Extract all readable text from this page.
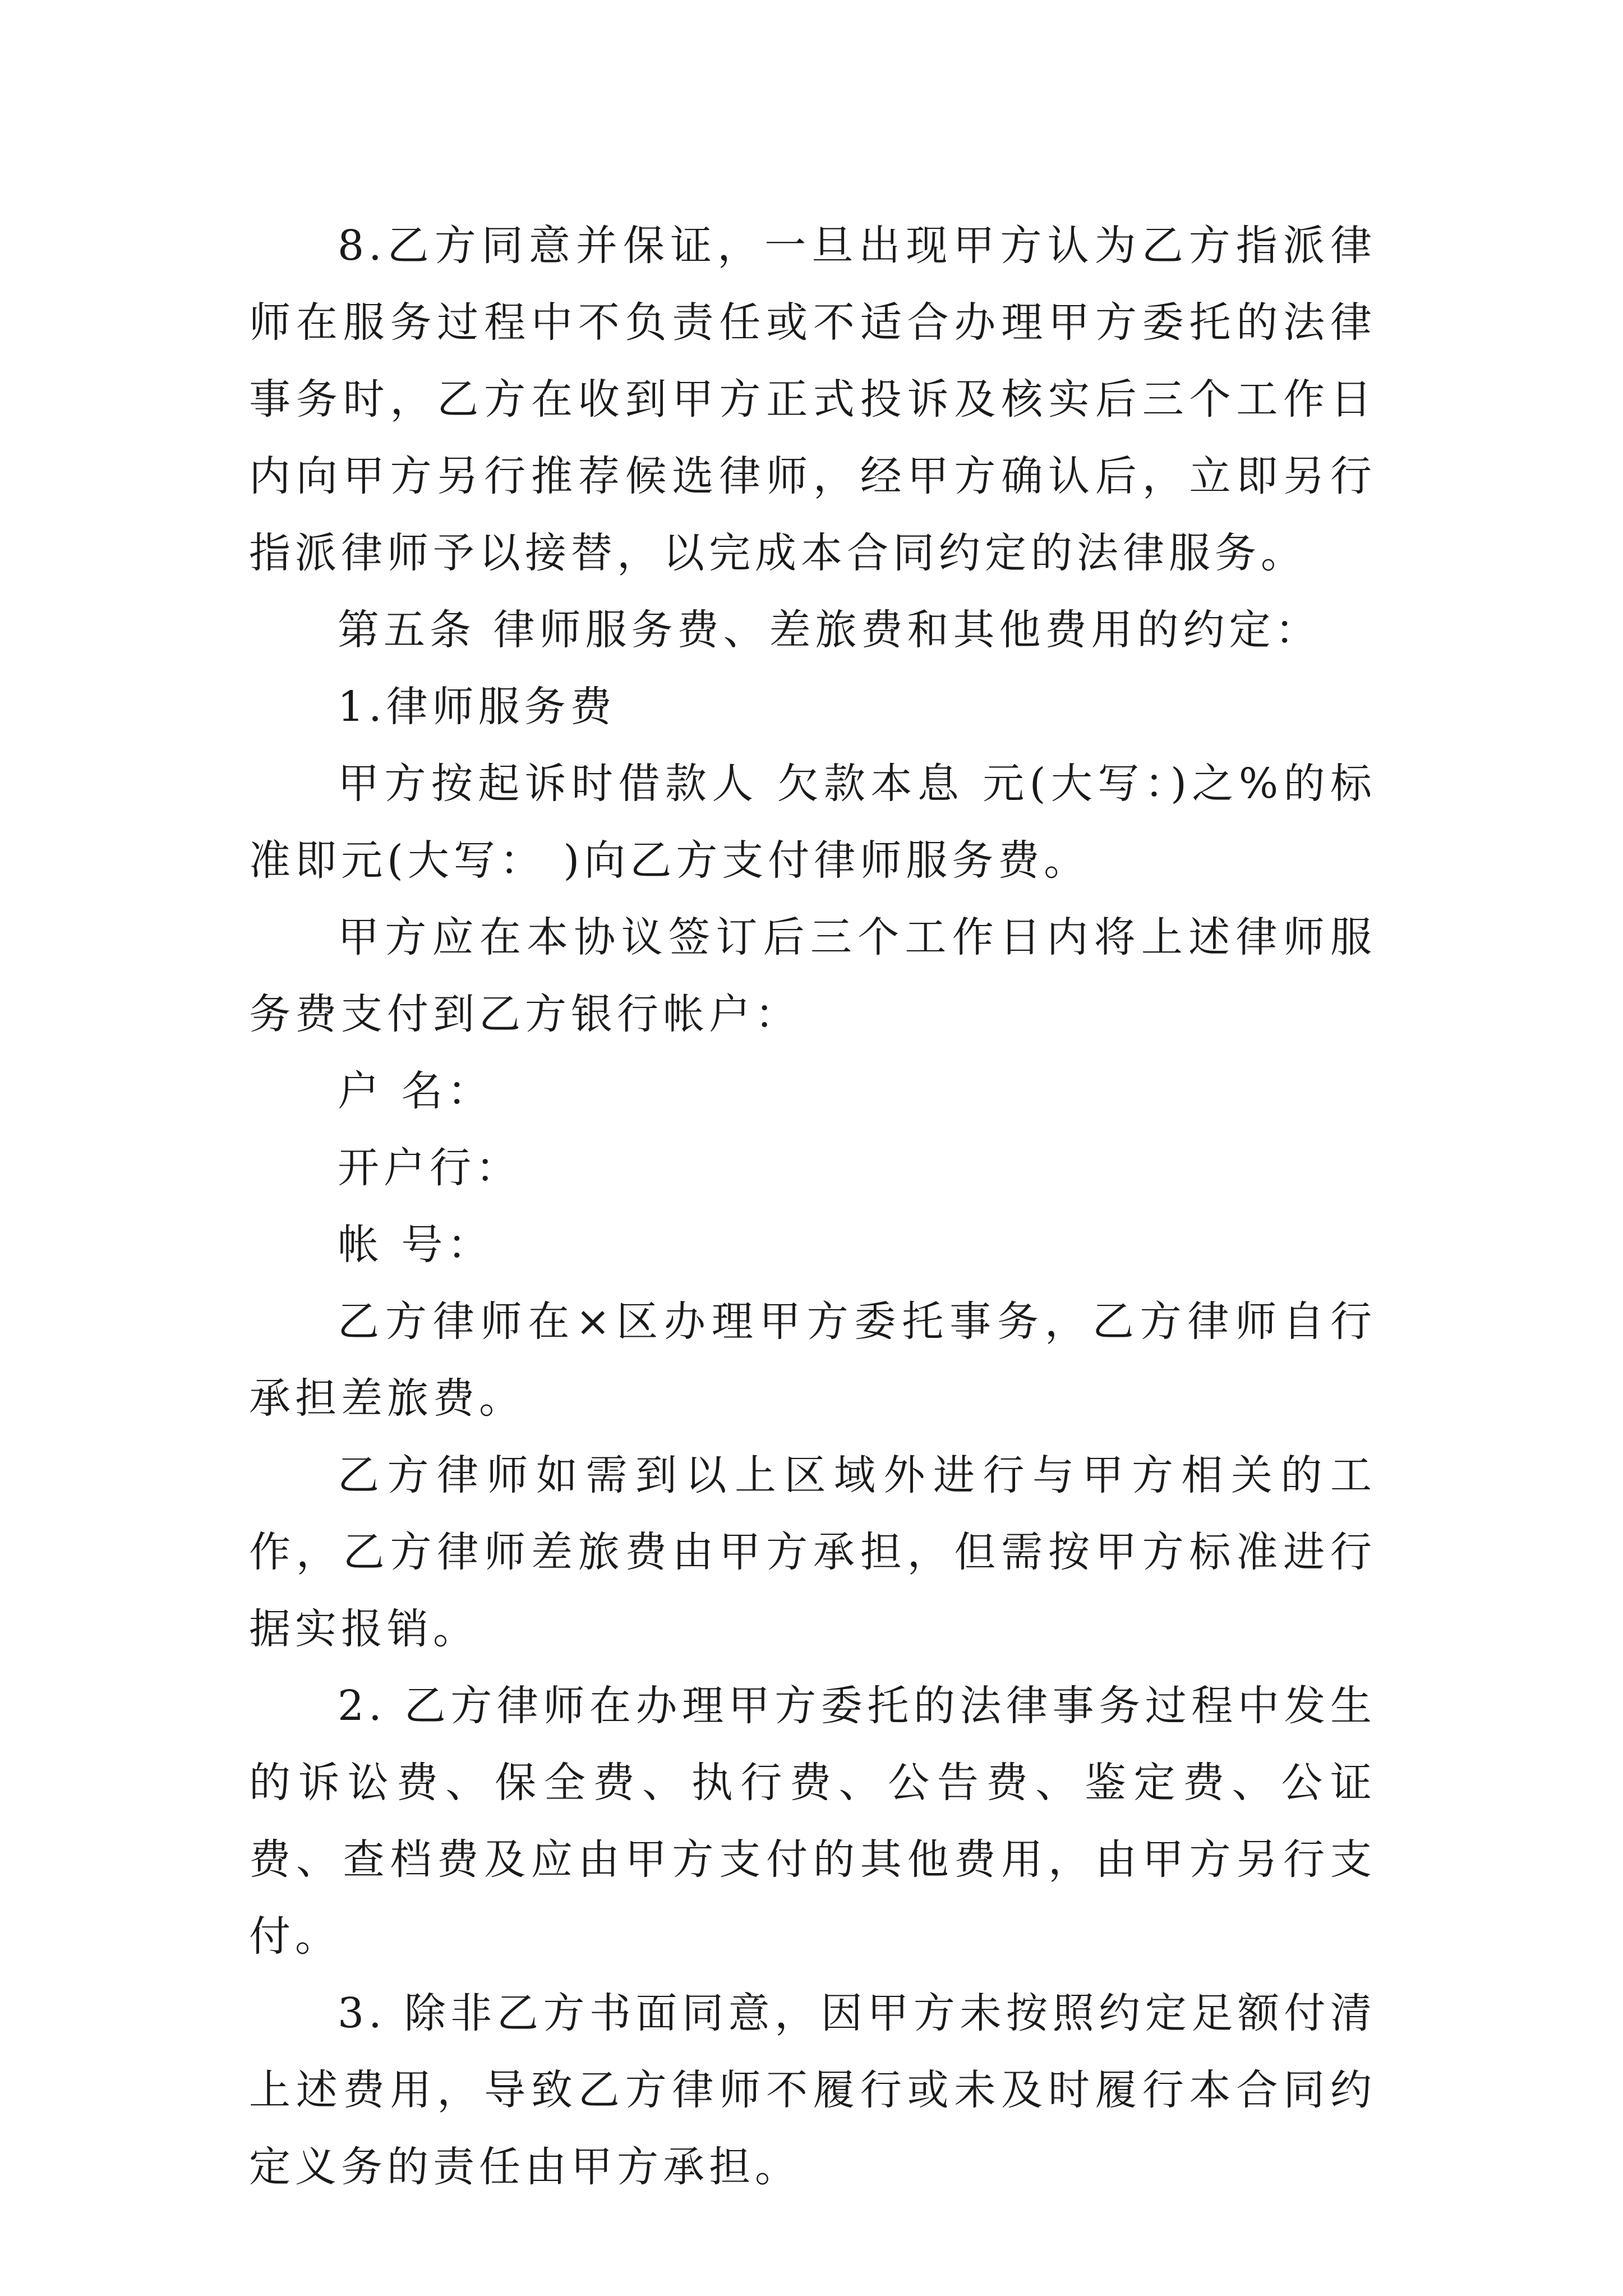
8.乙方同意并保证，一旦出现甲方认为乙方指派律师在服务过程中不负责任或不适合办理甲方委托的法律事务时，乙方在收到甲方正式投诉及核实后三个工作日内向甲方另行推荐候选律师，经甲方确认后，立即另行指派律师予以接替，以完成本合同约定的法律服务。

第五条 律师服务费、差旅费和其他费用的约定：

1.律师服务费

甲方按起诉时借款人 欠款本息 元(大写：)之%的标准即元(大写： )向乙方支付律师服务费。

甲方应在本协议签订后三个工作日内将上述律师服务费支付到乙方银行帐户：

户 名：

开户行：

帐 号：

乙方律师在×区办理甲方委托事务，乙方律师自行承担差旅费。

乙方律师如需到以上区域外进行与甲方相关的工作，乙方律师差旅费由甲方承担，但需按甲方标准进行据实报销。

2. 乙方律师在办理甲方委托的法律事务过程中发生的诉讼费、保全费、执行费、公告费、鉴定费、公证费、查档费及应由甲方支付的其他费用，由甲方另行支付。

3. 除非乙方书面同意，因甲方未按照约定足额付清上述费用，导致乙方律师不履行或未及时履行本合同约定义务的责任由甲方承担。
